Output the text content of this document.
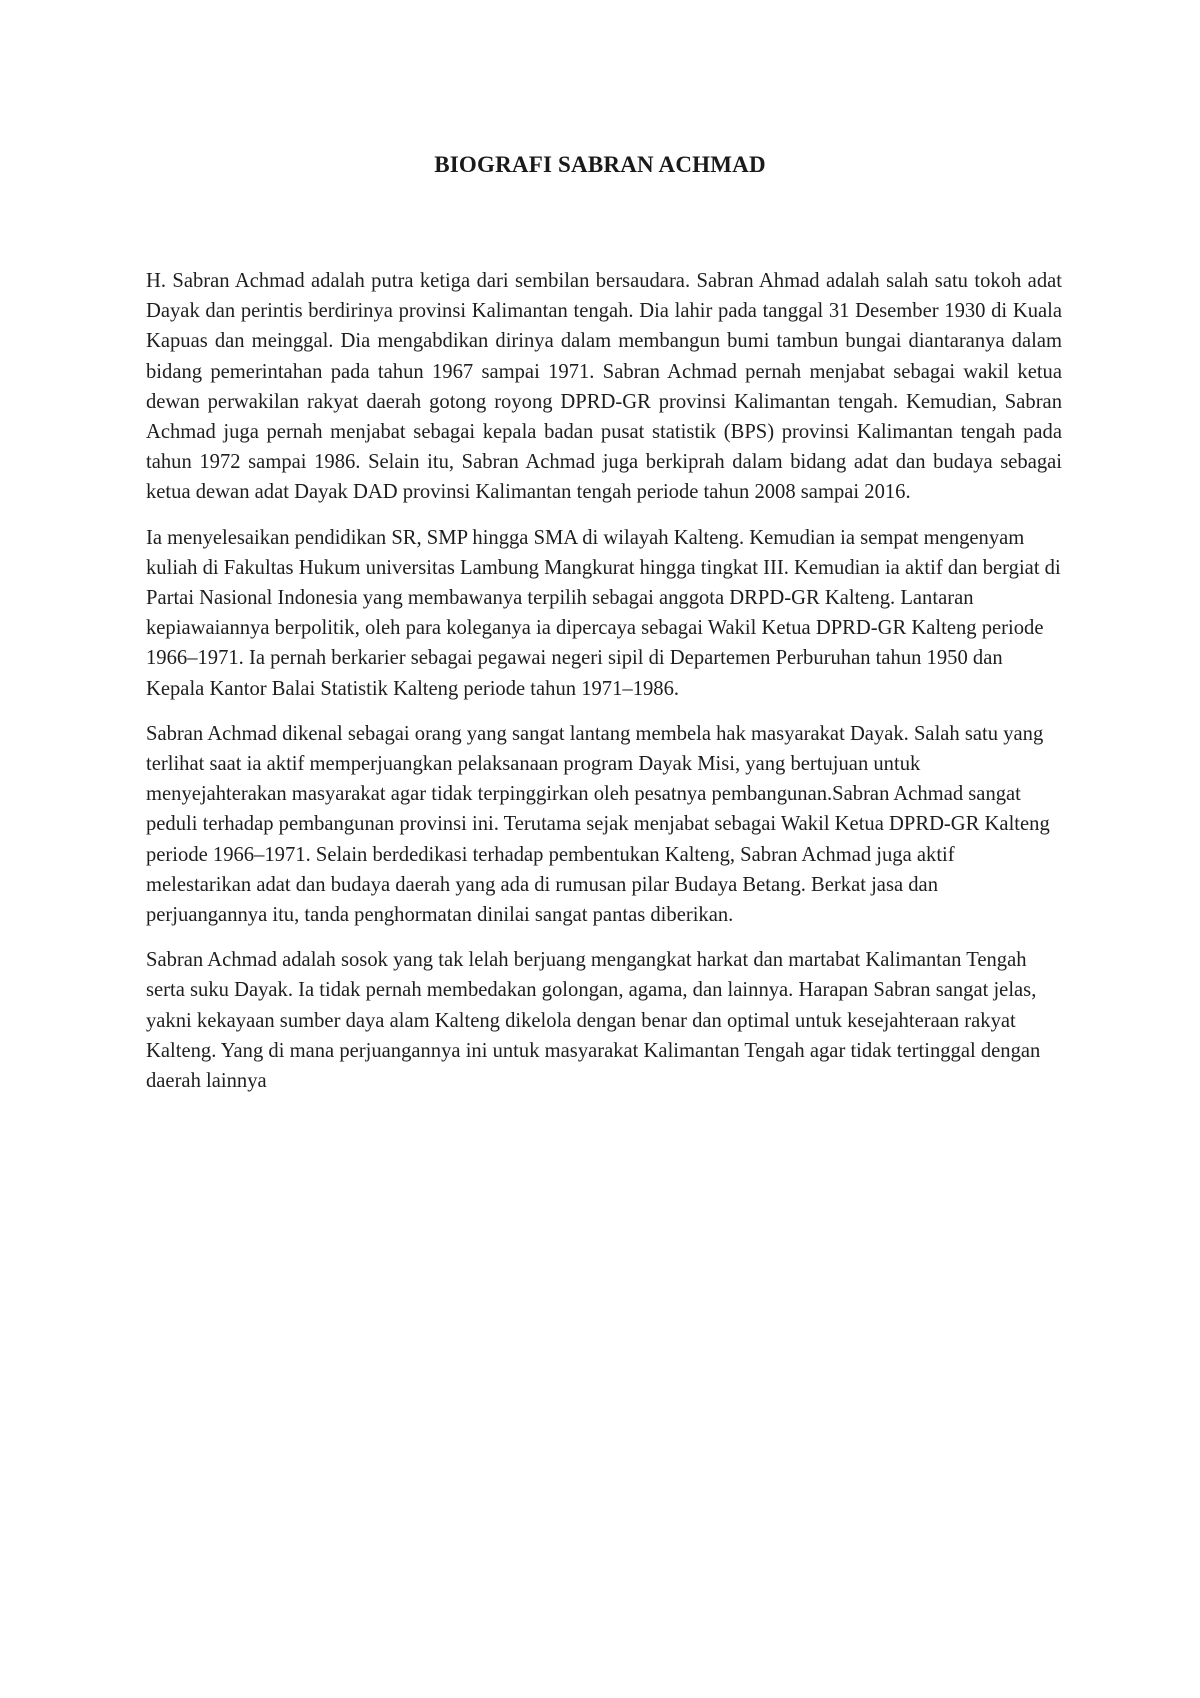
BIOGRAFI SABRAN ACHMAD

H. Sabran Achmad adalah putra ketiga dari sembilan bersaudara. Sabran Ahmad adalah salah satu tokoh adat Dayak dan perintis berdirinya provinsi Kalimantan tengah. Dia lahir pada tanggal 31 Desember 1930 di Kuala Kapuas dan meinggal. Dia mengabdikan dirinya dalam membangun bumi tambun bungai diantaranya dalam bidang pemerintahan pada tahun 1967 sampai 1971. Sabran Achmad pernah menjabat sebagai wakil ketua dewan perwakilan rakyat daerah gotong royong DPRD-GR provinsi Kalimantan tengah. Kemudian, Sabran Achmad juga pernah menjabat sebagai kepala badan pusat statistik (BPS) provinsi Kalimantan tengah pada tahun 1972 sampai 1986. Selain itu, Sabran Achmad juga berkiprah dalam bidang adat dan budaya sebagai ketua dewan adat Dayak DAD provinsi Kalimantan tengah periode tahun 2008 sampai 2016.

Ia menyelesaikan pendidikan SR, SMP hingga SMA di wilayah Kalteng. Kemudian ia sempat mengenyam kuliah di Fakultas Hukum universitas Lambung Mangkurat hingga tingkat III. Kemudian ia aktif dan bergiat di Partai Nasional Indonesia yang membawanya terpilih sebagai anggota DRPD-GR Kalteng. Lantaran kepiawaiannya berpolitik, oleh para koleganya ia dipercaya sebagai Wakil Ketua DPRD-GR Kalteng periode 1966–1971. Ia pernah berkarier sebagai pegawai negeri sipil di Departemen Perburuhan tahun 1950 dan Kepala Kantor Balai Statistik Kalteng periode tahun 1971–1986.

Sabran Achmad dikenal sebagai orang yang sangat lantang membela hak masyarakat Dayak. Salah satu yang terlihat saat ia aktif memperjuangkan pelaksanaan program Dayak Misi, yang bertujuan untuk menyejahterakan masyarakat agar tidak terpinggirkan oleh pesatnya pembangunan.Sabran Achmad sangat peduli terhadap pembangunan provinsi ini. Terutama sejak menjabat sebagai Wakil Ketua DPRD-GR Kalteng periode 1966–1971. Selain berdedikasi terhadap pembentukan Kalteng, Sabran Achmad juga aktif melestarikan adat dan budaya daerah yang ada di rumusan pilar Budaya Betang. Berkat jasa dan perjuangannya itu, tanda penghormatan dinilai sangat pantas diberikan.

Sabran Achmad adalah sosok yang tak lelah berjuang mengangkat harkat dan martabat Kalimantan Tengah serta suku Dayak. Ia tidak pernah membedakan golongan, agama, dan lainnya. Harapan Sabran sangat jelas, yakni kekayaan sumber daya alam Kalteng dikelola dengan benar dan optimal untuk kesejahteraan rakyat Kalteng. Yang di mana perjuangannya ini untuk masyarakat Kalimantan Tengah agar tidak tertinggal dengan daerah lainnya
